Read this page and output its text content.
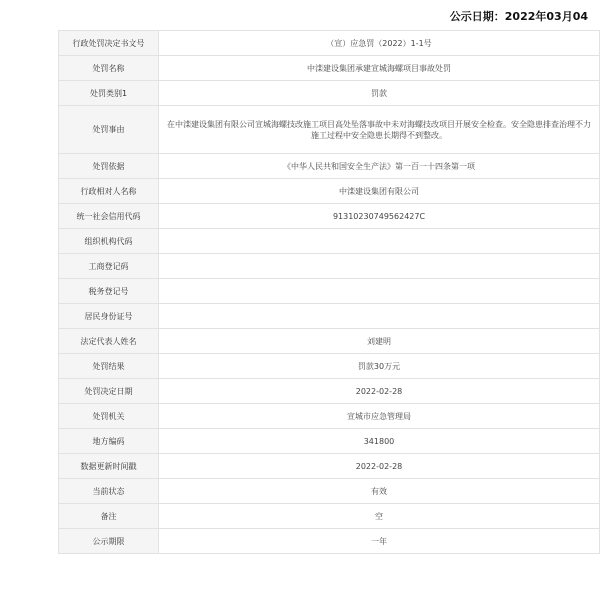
公示日期：2022年03月04
行政处罚决定书文号	（宣）应急罚（2022）1-1号
处罚名称	中滦建设集团承建宣城海螺项目事故处罚
处罚类别1	罚款
处罚事由	在中滦建设集团有限公司宣城海螺技改施工项目高处坠落事故中未对海螺技改项目开展安全检查。安全隐患排查治理不力施工过程中安全隐患长期得不到整改。
处罚依据	《中华人民共和国安全生产法》第一百一十四条第一项
行政相对人名称	中滦建设集团有限公司
统一社会信用代码	91310230749562427C
组织机构代码	
工商登记码	
税务登记号	
居民身份证号	
法定代表人姓名	刘建明
处罚结果	罚款30万元
处罚决定日期	2022-02-28
处罚机关	宣城市应急管理局
地方编码	341800
数据更新时间戳	2022-02-28
当前状态	有效
备注	空
公示期限	一年
